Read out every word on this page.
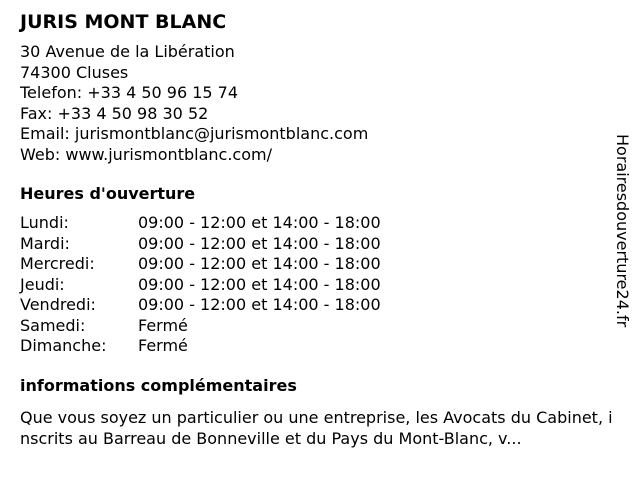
JURIS MONT BLANC
30 Avenue de la Libération
74300 Cluses
Telefon: +33 4 50 96 15 74
Fax: +33 4 50 98 30 52
Email: jurismontblanc@jurismontblanc.com
Web: www.jurismontblanc.com/
Heures d'ouverture
Lundi:	09:00 - 12:00 et 14:00 - 18:00
Mardi:	09:00 - 12:00 et 14:00 - 18:00
Mercredi:	09:00 - 12:00 et 14:00 - 18:00
Jeudi:	09:00 - 12:00 et 14:00 - 18:00
Vendredi:	09:00 - 12:00 et 14:00 - 18:00
Samedi:	Fermé
Dimanche:	Fermé
informations complémentaires
Que vous soyez un particulier ou une entreprise, les Avocats du Cabinet, inscrits au Barreau de Bonneville et du Pays du Mont-Blanc, v...
Horairesdouverture24.fr
